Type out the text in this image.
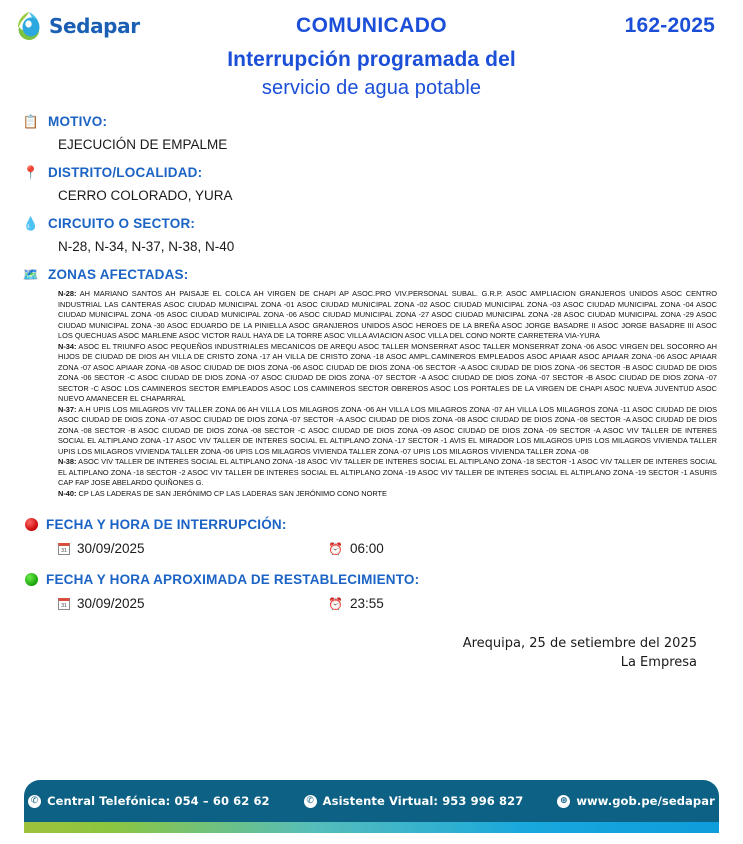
Sedapar	COMUNICADO	162-2025
Interrupción programada del
servicio de agua potable
📋 MOTIVO:
EJECUCIÓN DE EMPALME
📍 DISTRITO/LOCALIDAD:
CERRO COLORADO, YURA
💧 CIRCUITO O SECTOR:
N-28, N-34, N-37, N-38, N-40
🗺️ ZONAS AFECTADAS:
N-28: AH MARIANO SANTOS AH PAISAJE EL COLCA AH VIRGEN DE CHAPI AP ASOC.PRO VIV.PERSONAL SUBAL. G.R.P. ASOC AMPLIACION GRANJEROS UNIDOS ASOC CENTRO INDUSTRIAL LAS CANTERAS ASOC CIUDAD MUNICIPAL ZONA -01 ASOC CIUDAD MUNICIPAL ZONA -02 ASOC CIUDAD MUNICIPAL ZONA -03 ASOC CIUDAD MUNICIPAL ZONA -04 ASOC CIUDAD MUNICIPAL ZONA -05 ASOC CIUDAD MUNICIPAL ZONA -06 ASOC CIUDAD MUNICIPAL ZONA -27 ASOC CIUDAD MUNICIPAL ZONA -28 ASOC CIUDAD MUNICIPAL ZONA -29 ASOC CIUDAD MUNICIPAL ZONA -30 ASOC EDUARDO DE LA PINIELLA ASOC GRANJEROS UNIDOS ASOC HEROES DE LA BREÑA ASOC JORGE BASADRE II ASOC JORGE BASADRE III ASOC LOS QUECHUAS ASOC MARLENE ASOC VICTOR RAUL HAYA DE LA TORRE ASOC VILLA AVIACION ASOC VILLA DEL CONO NORTE CARRETERA VIA-YURA
N-34: ASOC EL TRIUNFO ASOC PEQUEÑOS INDUSTRIALES MECANICOS DE AREQU ASOC TALLER MONSERRAT ASOC TALLER MONSERRAT ZONA -06 ASOC VIRGEN DEL SOCORRO AH HIJOS DE CIUDAD DE DIOS AH VILLA DE CRISTO ZONA -17 AH VILLA DE CRISTO ZONA -18 ASOC AMPL.CAMINEROS EMPLEADOS ASOC APIAAR ASOC APIAAR ZONA -06 ASOC APIAAR ZONA -07 ASOC APIAAR ZONA -08 ASOC CIUDAD DE DIOS ZONA -06 ASOC CIUDAD DE DIOS ZONA -06 SECTOR -A ASOC CIUDAD DE DIOS ZONA -06 SECTOR -B ASOC CIUDAD DE DIOS ZONA -06 SECTOR -C ASOC CIUDAD DE DIOS ZONA -07 ASOC CIUDAD DE DIOS ZONA -07 SECTOR -A ASOC CIUDAD DE DIOS ZONA -07 SECTOR -B ASOC CIUDAD DE DIOS ZONA -07 SECTOR -C ASOC LOS CAMINEROS SECTOR EMPLEADOS ASOC LOS CAMINEROS SECTOR OBREROS ASOC LOS PORTALES DE LA VIRGEN DE CHAPI ASOC NUEVA JUVENTUD ASOC NUEVO AMANECER EL CHAPARRAL
N-37: A.H UPIS LOS MILAGROS VIV TALLER ZONA 06 AH VILLA LOS MILAGROS ZONA -06 AH VILLA LOS MILAGROS ZONA -07 AH VILLA LOS MILAGROS ZONA -11 ASOC CIUDAD DE DIOS ASOC CIUDAD DE DIOS ZONA -07 ASOC CIUDAD DE DIOS ZONA -07 SECTOR -A ASOC CIUDAD DE DIOS ZONA -08 ASOC CIUDAD DE DIOS ZONA -08 SECTOR -A ASOC CIUDAD DE DIOS ZONA -08 SECTOR -B ASOC CIUDAD DE DIOS ZONA -08 SECTOR -C ASOC CIUDAD DE DIOS ZONA -09 ASOC CIUDAD DE DIOS ZONA -09 SECTOR -A ASOC VIV TALLER DE INTERES SOCIAL EL ALTIPLANO ZONA -17 ASOC VIV TALLER DE INTERES SOCIAL EL ALTIPLANO ZONA -17 SECTOR -1 AVIS EL MIRADOR LOS MILAGROS UPIS LOS MILAGROS VIVIENDA TALLER UPIS LOS MILAGROS VIVIENDA TALLER ZONA -06 UPIS LOS MILAGROS VIVIENDA TALLER ZONA -07 UPIS LOS MILAGROS VIVIENDA TALLER ZONA -08
N-38: ASOC VIV TALLER DE INTERES SOCIAL EL ALTIPLANO ZONA -18 ASOC VIV TALLER DE INTERES SOCIAL EL ALTIPLANO ZONA -18 SECTOR -1 ASOC VIV TALLER DE INTERES SOCIAL EL ALTIPLANO ZONA -18 SECTOR -2 ASOC VIV TALLER DE INTERES SOCIAL EL ALTIPLANO ZONA -19 ASOC VIV TALLER DE INTERES SOCIAL EL ALTIPLANO ZONA -19 SECTOR -1 ASURIS CAP FAP JOSE ABELARDO QUIÑONES G.
N-40: CP LAS LADERAS DE SAN JERÓNIMO CP LAS LADERAS SAN JERÓNIMO CONO NORTE
FECHA Y HORA DE INTERRUPCIÓN:
31 30/09/2025	⏰ 06:00
FECHA Y HORA APROXIMADA DE RESTABLECIMIENTO:
31 30/09/2025	⏰ 23:55
Arequipa, 25 de setiembre del 2025
La Empresa
✆ Central Telefónica: 054 – 60 62 62	✆ Asistente Virtual: 953 996 827	⊕ www.gob.pe/sedapar
